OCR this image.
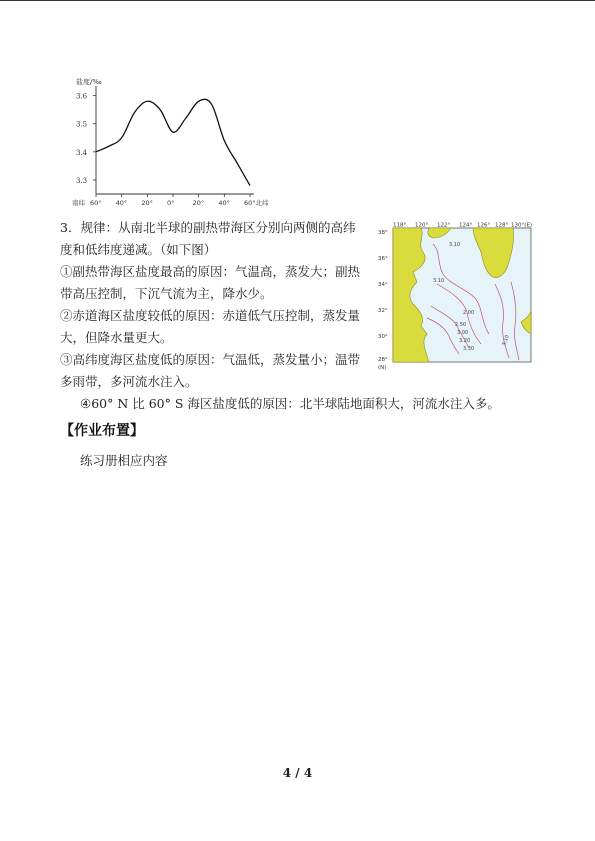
盐度/‰
3.6
3.5
3.4
3.3
南纬 60° 40° 20° 0°	20° 40° 60°北纬
118° 120° 122° 124° 126° 128° 130°(E)
38°
36°
34°
32°
30°
28°
(N)
3.10
3.10
2.00
2.50
3.00
3.20
3.30
3.10
3．规律：从南北半球的副热带海区分别向两侧的高纬
度和低纬度递减。（如下图）
①副热带海区盐度最高的原因：气温高，蒸发大；副热
带高压控制，下沉气流为主，降水少。
②赤道海区盐度较低的原因：赤道低气压控制，蒸发量
大，但降水量更大。
③高纬度海区盐度低的原因：气温低，蒸发量小；温带
多雨带，多河流水注入。
④60° N 比 60° S 海区盐度低的原因：北半球陆地面积大，河流水注入多。
【作业布置】
练习册相应内容
4 / 4
